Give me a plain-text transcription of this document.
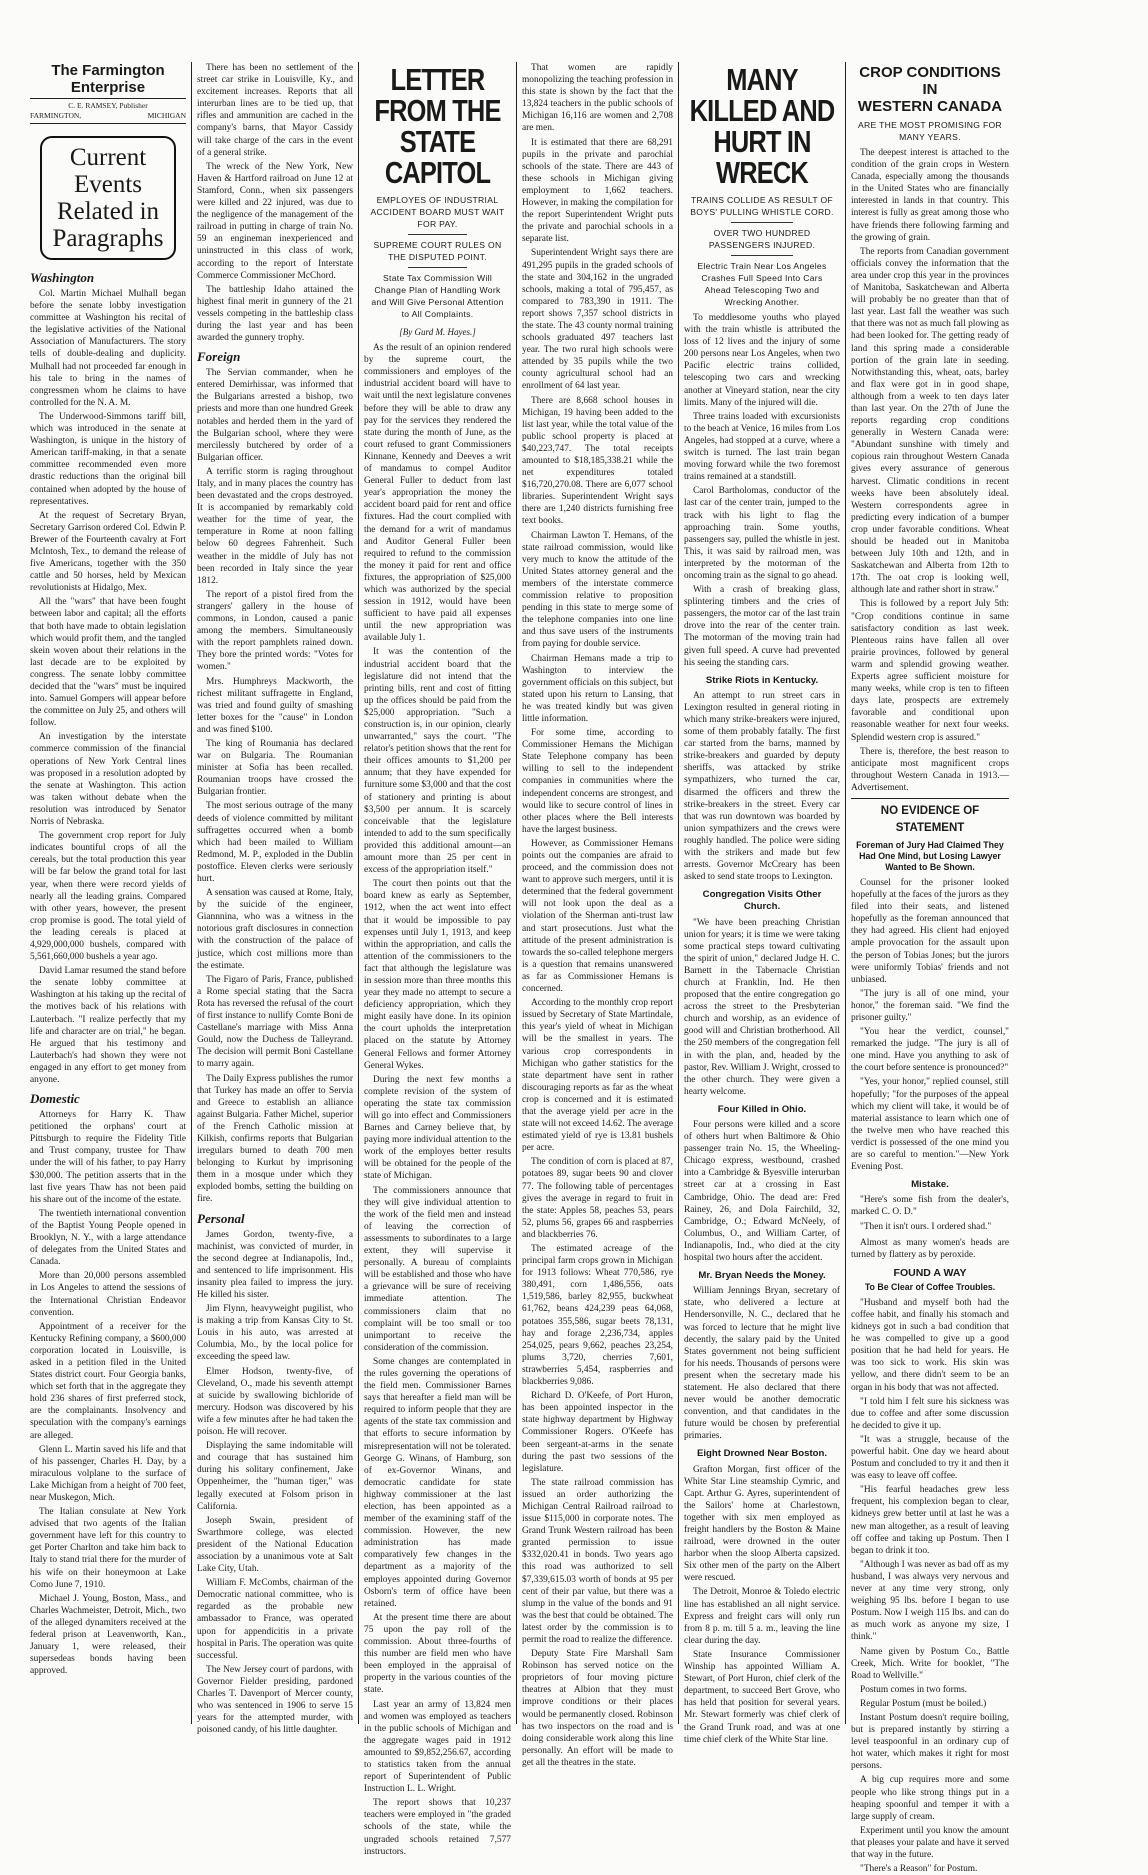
The Farmington Enterprise
C. E. RAMSEY, Publisher
FARMINGTON,	MICHIGAN
Current
Events
Related in
Paragraphs
Washington

Col. Martin Michael Mulhall began before the senate lobby investigation committee at Washington his recital of the legislative activities of the National Association of Manufacturers. The story tells of double-dealing and duplicity. Mulhall had not proceeded far enough in his tale to bring in the names of congressmen whom he claims to have controlled for the N. A. M.

The Underwood-Simmons tariff bill, which was introduced in the senate at Washington, is unique in the history of American tariff-making, in that a senate committee recommended even more drastic reductions than the original bill contained when adopted by the house of representatives.

At the request of Secretary Bryan, Secretary Garrison ordered Col. Edwin P. Brewer of the Fourteenth cavalry at Fort McIntosh, Tex., to demand the release of five Americans, together with the 350 cattle and 50 horses, held by Mexican revolutionists at Hidalgo, Mex.

All the "wars" that have been fought between labor and capital; all the efforts that both have made to obtain legislation which would profit them, and the tangled skein woven about their relations in the last decade are to be exploited by congress. The senate lobby committee decided that the "wars" must be inquired into. Samuel Gompers will appear before the committee on July 25, and others will follow.

An investigation by the interstate commerce commission of the financial operations of New York Central lines was proposed in a resolution adopted by the senate at Washington. This action was taken without debate when the resolution was introduced by Senator Norris of Nebraska.

The government crop report for July indicates bountiful crops of all the cereals, but the total production this year will be far below the grand total for last year, when there were record yields of nearly all the leading grains. Compared with other years, however, the present crop promise is good. The total yield of the leading cereals is placed at 4,929,000,000 bushels, compared with 5,561,660,000 bushels a year ago.

David Lamar resumed the stand before the senate lobby committee at Washington at his taking up the recital of the motives back of his relations with Lauterbach. "I realize perfectly that my life and character are on trial," he began. He argued that his testimony and Lauterbach's had shown they were not engaged in any effort to get money from anyone.

Domestic

Attorneys for Harry K. Thaw petitioned the orphans' court at Pittsburgh to require the Fidelity Title and Trust company, trustee for Thaw under the will of his father, to pay Harry $30,000. The petition asserts that in the last five years Thaw has not been paid his share out of the income of the estate.

The twentieth international convention of the Baptist Young People opened in Brooklyn, N. Y., with a large attendance of delegates from the United States and Canada.

More than 20,000 persons assembled in Los Angeles to attend the sessions of the International Christian Endeavor convention.

Appointment of a receiver for the Kentucky Refining company, a $600,000 corporation located in Louisville, is asked in a petition filed in the United States district court. Four Georgia banks, which set forth that in the aggregate they hold 236 shares of first preferred stock, are the complainants. Insolvency and speculation with the company's earnings are alleged.

Glenn L. Martin saved his life and that of his passenger, Charles H. Day, by a miraculous volplane to the surface of Lake Michigan from a height of 700 feet, near Muskegon, Mich.

The Italian consulate at New York advised that two agents of the Italian government have left for this country to get Porter Charlton and take him back to Italy to stand trial there for the murder of his wife on their honeymoon at Lake Como June 7, 1910.

Michael J. Young, Boston, Mass., and Charles Wachmeister, Detroit, Mich., two of the alleged dynamiters received at the federal prison at Leavenworth, Kan., January 1, were released, their supersedeas bonds having been approved.

There has been no settlement of the street car strike in Louisville, Ky., and excitement increases. Reports that all interurban lines are to be tied up, that rifles and ammunition are cached in the company's barns, that Mayor Cassidy will take charge of the cars in the event of a general strike.

The wreck of the New York, New Haven & Hartford railroad on June 12 at Stamford, Conn., when six passengers were killed and 22 injured, was due to the negligence of the management of the railroad in putting in charge of train No. 59 an engineman inexperienced and uninstructed in this class of work, according to the report of Interstate Commerce Commissioner McChord.

The battleship Idaho attained the highest final merit in gunnery of the 21 vessels competing in the battleship class during the last year and has been awarded the gunnery trophy.

Foreign

The Servian commander, when he entered Demirhissar, was informed that the Bulgarians arrested a bishop, two priests and more than one hundred Greek notables and herded them in the yard of the Bulgarian school, where they were mercilessly butchered by order of a Bulgarian officer.

A terrific storm is raging throughout Italy, and in many places the country has been devastated and the crops destroyed. It is accompanied by remarkably cold weather for the time of year, the temperature in Rome at noon falling below 60 degrees Fahrenheit. Such weather in the middle of July has not been recorded in Italy since the year 1812.

The report of a pistol fired from the strangers' gallery in the house of commons, in London, caused a panic among the members. Simultaneously with the report pamphlets rained down. They bore the printed words: "Votes for women."

Mrs. Humphreys Mackworth, the richest militant suffragette in England, was tried and found guilty of smashing letter boxes for the "cause" in London and was fined $100.

The king of Roumania has declared war on Bulgaria. The Roumanian minister at Sofia has been recalled. Roumanian troops have crossed the Bulgarian frontier.

The most serious outrage of the many deeds of violence committed by militant suffragettes occurred when a bomb which had been mailed to William Redmond, M. P., exploded in the Dublin postoffice. Eleven clerks were seriously hurt.

A sensation was caused at Rome, Italy, by the suicide of the engineer, Giannnina, who was a witness in the notorious graft disclosures in connection with the construction of the palace of justice, which cost millions more than the estimate.

The Figaro of Paris, France, published a Rome special stating that the Sacra Rota has reversed the refusal of the court of first instance to nullify Comte Boni de Castellane's marriage with Miss Anna Gould, now the Duchess de Talleyrand. The decision will permit Boni Castellane to marry again.

The Daily Express publishes the rumor that Turkey has made an offer to Servia and Greece to establish an alliance against Bulgaria. Father Michel, superior of the French Catholic mission at Kilkish, confirms reports that Bulgarian irregulars burned to death 700 men belonging to Kurkut by imprisoning them in a mosque under which they exploded bombs, setting the building on fire.

Personal

James Gordon, twenty-five, a machinist, was convicted of murder, in the second degree at Indianapolis, Ind., and sentenced to life imprisonment. His insanity plea failed to impress the jury. He killed his sister.

Jim Flynn, heavyweight pugilist, who is making a trip from Kansas City to St. Louis in his auto, was arrested at Columbia, Mo., by the local police for exceeding the speed law.

Elmer Hodson, twenty-five, of Cleveland, O., made his seventh attempt at suicide by swallowing bichloride of mercury. Hodson was discovered by his wife a few minutes after he had taken the poison. He will recover.

Displaying the same indomitable will and courage that has sustained him during his solitary confinement, Jake Oppenheimer, the "human tiger," was legally executed at Folsom prison in California.

Joseph Swain, president of Swarthmore college, was elected president of the National Education association by a unanimous vote at Salt Lake City, Utah.

William F. McCombs, chairman of the Democratic national committee, who is regarded as the probable new ambassador to France, was operated upon for appendicitis in a private hospital in Paris. The operation was quite successful.

The New Jersey court of pardons, with Governor Fielder presiding, pardoned Charles T. Davenport of Mercer county, who was sentenced in 1906 to serve 15 years for the attempted murder, with poisoned candy, of his little daughter.

LETTER FROM THE
STATE CAPITOL
EMPLOYES OF INDUSTRIAL ACCIDENT BOARD MUST WAIT FOR PAY.
SUPREME COURT RULES ON THE DISPUTED POINT.
State Tax Commission Will Change Plan of Handling Work and Will Give Personal Attention to All Complaints.
[By Gurd M. Hayes.]

As the result of an opinion rendered by the supreme court, the commissioners and employes of the industrial accident board will have to wait until the next legislature convenes before they will be able to draw any pay for the services they rendered the state during the month of June, as the court refused to grant Commissioners Kinnane, Kennedy and Deeves a writ of mandamus to compel Auditor General Fuller to deduct from last year's appropriation the money the accident board paid for rent and office fixtures. Had the court complied with the demand for a writ of mandamus and Auditor General Fuller been required to refund to the commission the money it paid for rent and office fixtures, the appropriation of $25,000 which was authorized by the special session in 1912, would have been sufficient to have paid all expenses until the new appropriation was available July 1.

It was the contention of the industrial accident board that the legislature did not intend that the printing bills, rent and cost of fitting up the offices should be paid from the $25,000 appropriation. "Such a construction is, in our opinion, clearly unwarranted," says the court. "The relator's petition shows that the rent for their offices amounts to $1,200 per annum; that they have expended for furniture some $3,000 and that the cost of stationery and printing is about $3,500 per annum. It is scarcely conceivable that the legislature intended to add to the sum specifically provided this additional amount—an amount more than 25 per cent in excess of the appropriation itself."

The court then points out that the board knew as early as September, 1912, when the act went into effect that it would be impossible to pay expenses until July 1, 1913, and keep within the appropriation, and calls the attention of the commissioners to the fact that although the legislature was in session more than three months this year they made no attempt to secure a deficiency appropriation, which they might easily have done. In its opinion the court upholds the interpretation placed on the statute by Attorney General Fellows and former Attorney General Wykes.

During the next few months a complete revision of the system of operating the state tax commission will go into effect and Commissioners Barnes and Carney believe that, by paying more individual attention to the work of the employes better results will be obtained for the people of the state of Michigan.

The commissioners announce that they will give individual attention to the work of the field men and instead of leaving the correction of assessments to subordinates to a large extent, they will supervise it personally. A bureau of complaints will be established and those who have a grievance will be sure of receiving immediate attention. The commissioners claim that no complaint will be too small or too unimportant to receive the consideration of the commission.

Some changes are contemplated in the rules governing the operations of the field men. Commissioner Barnes says that hereafter a field man will be required to inform people that they are agents of the state tax commission and that efforts to secure information by misrepresentation will not be tolerated. George G. Winans, of Hamburg, son of ex-Governor Winans, and democratic candidate for state highway commissioner at the last election, has been appointed as a member of the examining staff of the commission. However, the new administration has made comparatively few changes in the department as a majority of the employes appointed during Governor Osborn's term of office have been retained.

At the present time there are about 75 upon the pay roll of the commission. About three-fourths of this number are field men who have been employed in the appraisal of property in the various counties of the state.

Last year an army of 13,824 men and women was employed as teachers in the public schools of Michigan and the aggregate wages paid in 1912 amounted to $9,852,256.67, according to statistics taken from the annual report of Superintendent of Public Instruction L. L. Wright.

The report shows that 10,237 teachers were employed in "the graded schools of the state, while the ungraded schools retained 7,577 instructors.

That women are rapidly monopolizing the teaching profession in this state is shown by the fact that the 13,824 teachers in the public schools of Michigan 16,116 are women and 2,708 are men.

It is estimated that there are 68,291 pupils in the private and parochial schools of the state. There are 443 of these schools in Michigan giving employment to 1,662 teachers. However, in making the compilation for the report Superintendent Wright puts the private and parochial schools in a separate list.

Superintendent Wright says there are 491,295 pupils in the graded schools of the state and 304,162 in the ungraded schools, making a total of 795,457, as compared to 783,390 in 1911. The report shows 7,357 school districts in the state. The 43 county normal training schools graduated 497 teachers last year. The two rural high schools were attended by 35 pupils while the two county agricultural school had an enrollment of 64 last year.

There are 8,668 school houses in Michigan, 19 having been added to the list last year, while the total value of the public school property is placed at $40,223,747. The total receipts amounted to $18,185,338.21 while the net expenditures totaled $16,720,270.08. There are 6,077 school libraries. Superintendent Wright says there are 1,240 districts furnishing free text books.

Chairman Lawton T. Hemans, of the state railroad commission, would like very much to know the attitude of the United States attorney general and the members of the interstate commerce commission relative to proposition pending in this state to merge some of the telephone companies into one line and thus save users of the instruments from paying for double service.

Chairman Hemans made a trip to Washington to interview the government officials on this subject, but stated upon his return to Lansing, that he was treated kindly but was given little information.

For some time, according to Commissioner Hemans the Michigan State Telephone company has been willing to sell to the independent companies in communities where the independent concerns are strongest, and would like to secure control of lines in other places where the Bell interests have the largest business.

However, as Commissioner Hemans points out the companies are afraid to proceed, and the commission does not want to approve such mergers, until it is determined that the federal government will not look upon the deal as a violation of the Sherman anti-trust law and start prosecutions. Just what the attitude of the present administration is towards the so-called telephone mergers is a question that remains unanswered as far as Commissioner Hemans is concerned.

According to the monthly crop report issued by Secretary of State Martindale, this year's yield of wheat in Michigan will be the smallest in years. The various crop correspondents in Michigan who gather statistics for the state department have sent in rather discouraging reports as far as the wheat crop is concerned and it is estimated that the average yield per acre in the state will not exceed 14.62. The average estimated yield of rye is 13.81 bushels per acre.

The condition of corn is placed at 87, potatoes 89, sugar beets 90 and clover 77. The following table of percentages gives the average in regard to fruit in the state: Apples 58, peaches 53, pears 52, plums 56, grapes 66 and raspberries and blackberries 76.

The estimated acreage of the principal farm crops grown in Michigan for 1913 follows: Wheat 770,586, rye 380,491, corn 1,486,556, oats 1,519,586, barley 82,955, buckwheat 61,762, beans 424,239 peas 64,068, potatoes 355,586, sugar beets 78,131, hay and forage 2,236,734, apples 254,025, pears 9,662, peaches 23,254, plums 3,720, cherries 7,601, strawberries 5,454, raspberries and blackberries 9,086.

Richard D. O'Keefe, of Port Huron, has been appointed inspector in the state highway department by Highway Commissioner Rogers. O'Keefe has been sergeant-at-arms in the senate during the past two sessions of the legislature.

The state railroad commission has issued an order authorizing the Michigan Central Railroad railroad to issue $115,000 in corporate notes. The Grand Trunk Western railroad has been granted permission to issue $332,020.41 in bonds. Two years ago this road was authorized to sell $7,339,615.03 worth of bonds at 95 per cent of their par value, but there was a slump in the value of the bonds and 91 was the best that could be obtained. The latest order by the commission is to permit the road to realize the difference.

Deputy State Fire Marshall Sam Robinson has served notice on the proprietors of four moving picture theatres at Albion that they must improve conditions or their places would be permanently closed. Robinson has two inspectors on the road and is doing considerable work along this line personally. An effort will be made to get all the theatres in the state.

MANY KILLED AND
HURT IN WRECK
TRAINS COLLIDE AS RESULT OF BOYS' PULLING WHISTLE CORD.
OVER TWO HUNDRED PASSENGERS INJURED.
Electric Train Near Los Angeles Crashes Full Speed Into Cars Ahead Telescoping Two and Wrecking Another.

To meddlesome youths who played with the train whistle is attributed the loss of 12 lives and the injury of some 200 persons near Los Angeles, when two Pacific electric trains collided, telescoping two cars and wrecking another at Vineyard station, near the city limits. Many of the injured will die.

Three trains loaded with excursionists to the beach at Venice, 16 miles from Los Angeles, had stopped at a curve, where a switch is turned. The last train began moving forward while the two foremost trains remained at a standstill.

Carol Bartholomas, conductor of the last car of the center train, jumped to the track with his light to flag the approaching train. Some youths, passengers say, pulled the whistle in jest. This, it was said by railroad men, was interpreted by the motorman of the oncoming train as the signal to go ahead.

With a crash of breaking glass, splintering timbers and the cries of passengers, the motor car of the last train drove into the rear of the center train. The motorman of the moving train had given full speed. A curve had prevented his seeing the standing cars.

Strike Riots in Kentucky.

An attempt to run street cars in Lexington resulted in general rioting in which many strike-breakers were injured, some of them probably fatally. The first car started from the barns, manned by strike-breakers and guarded by deputy sheriffs, was attacked by strike sympathizers, who turned the car, disarmed the officers and threw the strike-breakers in the street. Every car that was run downtown was boarded by union sympathizers and the crews were roughly handled. The police were siding with the strikers and made but few arrests. Governor McCreary has been asked to send state troops to Lexington.

Congregation Visits Other Church.

"We have been preaching Christian union for years; it is time we were taking some practical steps toward cultivating the spirit of union," declared Judge H. C. Barnett in the Tabernacle Christian church at Franklin, Ind. He then proposed that the entire congregation go across the street to the Presbyterian church and worship, as an evidence of good will and Christian brotherhood. All the 250 members of the congregation fell in with the plan, and, headed by the pastor, Rev. William J. Wright, crossed to the other church. They were given a hearty welcome.

Four Killed in Ohio.

Four persons were killed and a score of others hurt when Baltimore & Ohio passenger train No. 15, the Wheeling-Chicago express, westbound, crashed into a Cambridge & Byesville interurban street car at a crossing in East Cambridge, Ohio. The dead are: Fred Rainey, 26, and Dola Fairchild, 32, Cambridge, O.; Edward McNeely, of Columbus, O., and William Carter, of Indianapolis, Ind., who died at the city hospital two hours after the accident.

Mr. Bryan Needs the Money.

William Jennings Bryan, secretary of state, who delivered a lecture at Hendersonville, N. C., declared that he was forced to lecture that he might live decently, the salary paid by the United States government not being sufficient for his needs. Thousands of persons were present when the secretary made his statement. He also declared that there never would be another democratic convention, and that candidates in the future would be chosen by preferential primaries.

Eight Drowned Near Boston.

Grafton Morgan, first officer of the White Star Line steamship Cymric, and Capt. Arthur G. Ayres, superintendent of the Sailors' home at Charlestown, together with six men employed as freight handlers by the Boston & Maine railroad, were drowned in the outer harbor when the sloop Alberta capsized. Six other men of the party on the Albert were rescued.

The Detroit, Monroe & Toledo electric line has established an all night service. Express and freight cars will only run from 8 p. m. till 5 a. m., leaving the line clear during the day.

State Insurance Commissioner Winship has appointed William A. Stewart, of Port Huron, chief clerk of the department, to succeed Bert Grove, who has held that position for several years. Mr. Stewart formerly was chief clerk of the Grand Trunk road, and was at one time chief clerk of the White Star line.

CROP CONDITIONS IN
WESTERN CANADA
ARE THE MOST PROMISING FOR MANY YEARS.

The deepest interest is attached to the condition of the grain crops in Western Canada, especially among the thousands in the United States who are financially interested in lands in that country. This interest is fully as great among those who have friends there following farming and the growing of grain.

The reports from Canadian government officials convey the information that the area under crop this year in the provinces of Manitoba, Saskatchewan and Alberta will probably be no greater than that of last year. Last fall the weather was such that there was not as much fall plowing as had been looked for. The getting ready of land this spring made a considerable portion of the grain late in seeding. Notwithstanding this, wheat, oats, barley and flax were got in in good shape, although from a week to ten days later than last year. On the 27th of June the reports regarding crop conditions generally in Western Canada were: "Abundant sunshine with timely and copious rain throughout Western Canada gives every assurance of generous harvest. Climatic conditions in recent weeks have been absolutely ideal. Western correspondents agree in predicting every indication of a bumper crop under favorable conditions. Wheat should be headed out in Manitoba between July 10th and 12th, and in Saskatchewan and Alberta from 12th to 17th. The oat crop is looking well, although late and rather short in straw."

This is followed by a report July 5th: "Crop conditions continue in same satisfactory condition as last week. Plenteous rains have fallen all over prairie provinces, followed by general warm and splendid growing weather. Experts agree sufficient moisture for many weeks, while crop is ten to fifteen days late, prospects are extremely favorable and conditional upon reasonable weather for next four weeks. Splendid western crop is assured."

There is, therefore, the best reason to anticipate most magnificent crops throughout Western Canada in 1913.—Advertisement.

NO EVIDENCE OF STATEMENT
Foreman of Jury Had Claimed They Had One Mind, but Losing Lawyer Wanted to Be Shown.

Counsel for the prisoner looked hopefully at the faces of the jurors as they filed into their seats, and listened hopefully as the foreman announced that they had agreed. His client had enjoyed ample provocation for the assault upon the person of Tobias Jones; but the jurors were uniformly Tobias' friends and not unbiased.

"The jury is all of one mind, your honor," the foreman said. "We find the prisoner guilty."

"You hear the verdict, counsel," remarked the judge. "The jury is all of one mind. Have you anything to ask of the court before sentence is pronounced?"

"Yes, your honor," replied counsel, still hopefully; "for the purposes of the appeal which my client will take, it would be of material assistance to learn which one of the twelve men who have reached this verdict is possessed of the one mind you are so careful to mention."—New York Evening Post.

Mistake.

"Here's some fish from the dealer's, marked C. O. D."

"Then it isn't ours. I ordered shad."

Almost as many women's heads are turned by flattery as by peroxide.

FOUND A WAY
To Be Clear of Coffee Troubles.

"Husband and myself both had the coffee habit, and finally his stomach and kidneys got in such a bad condition that he was compelled to give up a good position that he had held for years. He was too sick to work. His skin was yellow, and there didn't seem to be an organ in his body that was not affected.

"I told him I felt sure his sickness was due to coffee and after some discussion he decided to give it up.

"It was a struggle, because of the powerful habit. One day we heard about Postum and concluded to try it and then it was easy to leave off coffee.

"His fearful headaches grew less frequent, his complexion began to clear, kidneys grew better until at last he was a new man altogether, as a result of leaving off coffee and taking up Postum. Then I began to drink it too.

"Although I was never as bad off as my husband, I was always very nervous and never at any time very strong, only weighing 95 lbs. before I began to use Postum. Now I weigh 115 lbs. and can do as much work as anyone my size, I think."

Name given by Postum Co., Battle Creek, Mich. Write for booklet, "The Road to Wellville."

Postum comes in two forms.

Regular Postum (must be boiled.)

Instant Postum doesn't require boiling, but is prepared instantly by stirring a level teaspoonful in an ordinary cup of hot water, which makes it right for most persons.

A big cup requires more and some people who like strong things put in a heaping spoonful and temper it with a large supply of cream.

Experiment until you know the amount that pleases your palate and have it served that way in the future.

"There's a Reason" for Postum.
